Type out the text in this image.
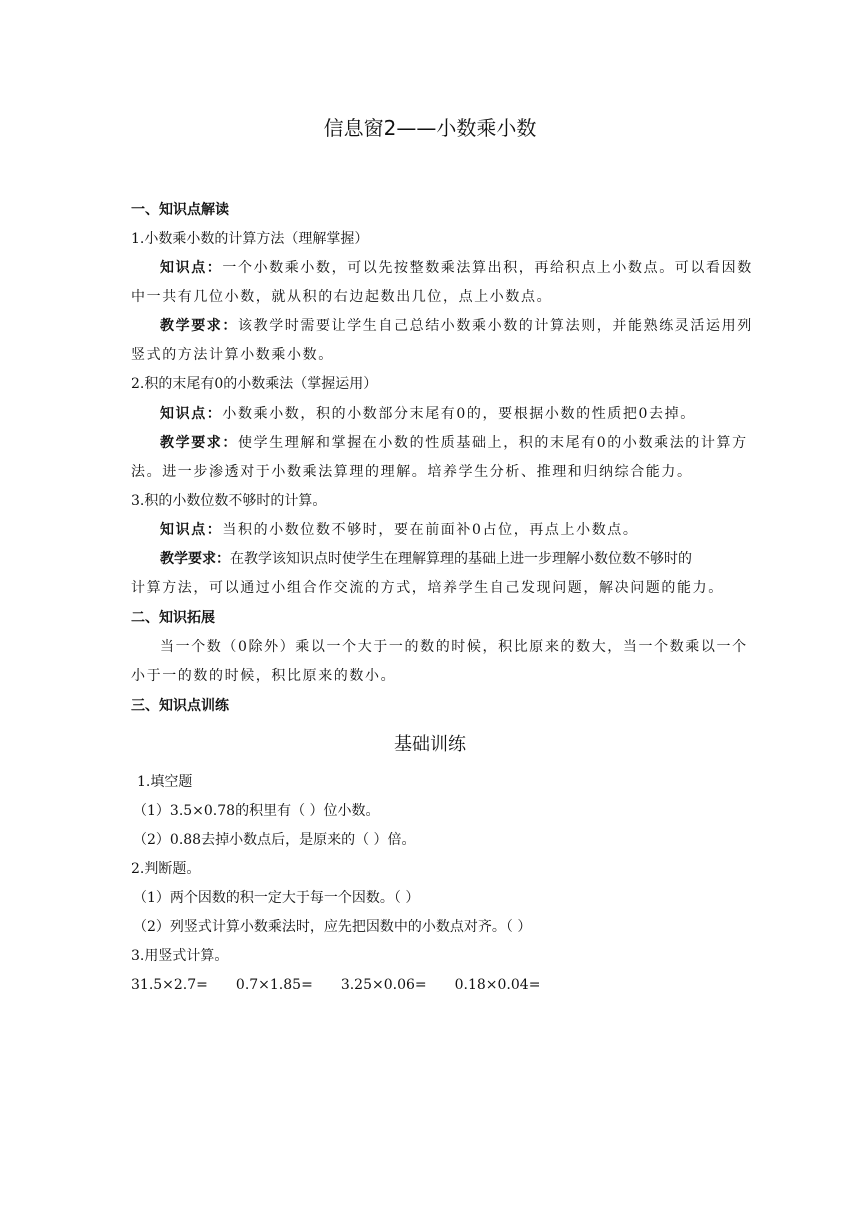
信息窗2——小数乘小数
一、知识点解读
1.小数乘小数的计算方法（理解掌握）
知识点：一个小数乘小数，可以先按整数乘法算出积，再给积点上小数点。可以看因数
中一共有几位小数，就从积的右边起数出几位，点上小数点。
教学要求：该教学时需要让学生自己总结小数乘小数的计算法则，并能熟练灵活运用列
竖式的方法计算小数乘小数。
2.积的末尾有0的小数乘法（掌握运用）
知识点：小数乘小数，积的小数部分末尾有0的，要根据小数的性质把0去掉。
教学要求：使学生理解和掌握在小数的性质基础上，积的末尾有0的小数乘法的计算方
法。进一步渗透对于小数乘法算理的理解。培养学生分析、推理和归纳综合能力。
3.积的小数位数不够时的计算。
知识点：当积的小数位数不够时，要在前面补0占位，再点上小数点。
教学要求：在教学该知识点时使学生在理解算理的基础上进一步理解小数位数不够时的
计算方法，可以通过小组合作交流的方式，培养学生自己发现问题，解决问题的能力。
二、知识拓展
当一个数（0除外）乘以一个大于一的数的时候，积比原来的数大，当一个数乘以一个
小于一的数的时候，积比原来的数小。
三、知识点训练
基础训练
1.填空题
（1）3.5×0.78的积里有（ ）位小数。
（2）0.88去掉小数点后，是原来的（ ）倍。
2.判断题。
（1）两个因数的积一定大于每一个因数。（ ）
（2）列竖式计算小数乘法时，应先把因数中的小数点对齐。（ ）
3.用竖式计算。
31.5×2.7= 0.7×1.85= 3.25×0.06= 0.18×0.04=
